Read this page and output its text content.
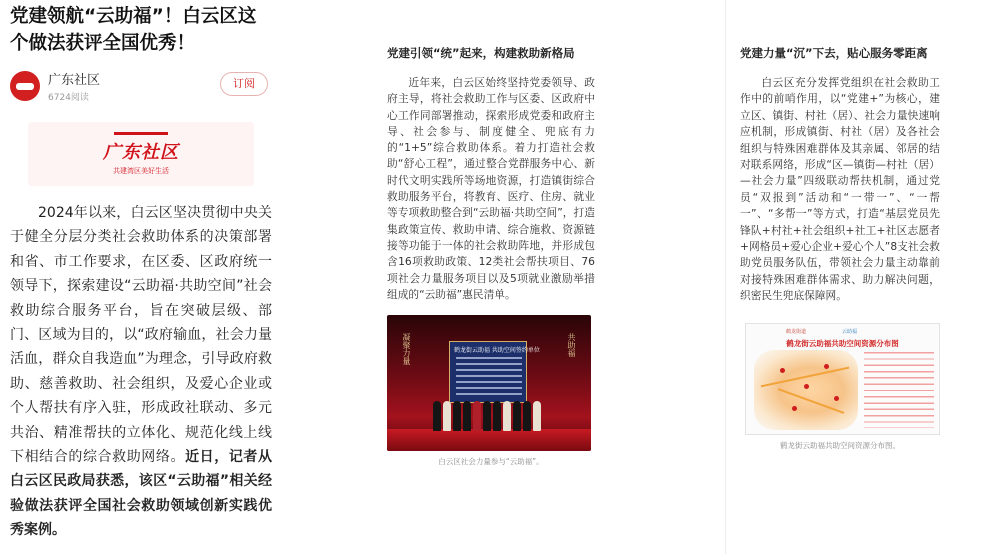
党建领航“云助福”！白云区这个做法获评全国优秀！
广东社区
6724阅读
订阅
广东社区
共建湾区美好生活

2024年以来，白云区坚决贯彻中央关于健全分层分类社会救助体系的决策部署和省、市工作要求，在区委、区政府统一领导下，探索建设“云助福·共助空间”社会救助综合服务平台，旨在突破层级、部门、区域为目的，以“政府输血，社会力量活血，群众自我造血”为理念，引导政府救助、慈善救助、社会组织，及爱心企业或个人帮扶有序入驻，形成政社联动、多元共治、精准帮扶的立体化、规范化线上线下相结合的综合救助网络。近日，记者从白云区民政局获悉，该区“云助福”相关经验做法获评全国社会救助领域创新实践优秀案例。

党建引领“统”起来，构建救助新格局

近年来，白云区始终坚持党委领导、政府主导，将社会救助工作与区委、区政府中心工作同部署推动，探索形成党委和政府主导、社会参与、制度健全、兜底有力的“1+5”综合救助体系。着力打造社会救助“舒心工程”，通过整合党群服务中心、新时代文明实践所等场地资源，打造镇街综合救助服务平台，将教育、医疗、住房、就业等专项救助整合到“云助福·共助空间”，打造集政策宣传、救助申请、综合施救、资源链接等功能于一体的社会救助阵地，并形成包含16项救助政策、12类社会帮扶项目、76项社会力量服务项目以及5项就业激励举措组成的“云助福”惠民清单。

凝聚力量	共助福
鹤龙街云助福 共助空间签约单位
白云区社会力量参与“云助福”。
党建力量“沉”下去，贴心服务零距离

白云区充分发挥党组织在社会救助工作中的前哨作用，以“党建+”为核心，建立区、镇街、村社（居）、社会力量快速响应机制，形成镇街、村社（居）及各社会组织与特殊困难群体及其亲属、邻居的结对联系网络，形成“区—镇街—村社（居）—社会力量”四级联动帮扶机制，通过党员“双报到”活动和“一带一”、“一帮一”、“多帮一”等方式，打造“基层党员先锋队+村社+社会组织+社工+社区志愿者+网格员+爱心企业+爱心个人”8支社会救助党员服务队伍，带领社会力量主动靠前对接特殊困难群体需求、助力解决问题，织密民生兜底保障网。

鹤龙街道	云助福
鹤龙街云助福共助空间资源分布图
鹤龙街云助福共助空间资源分布图。
